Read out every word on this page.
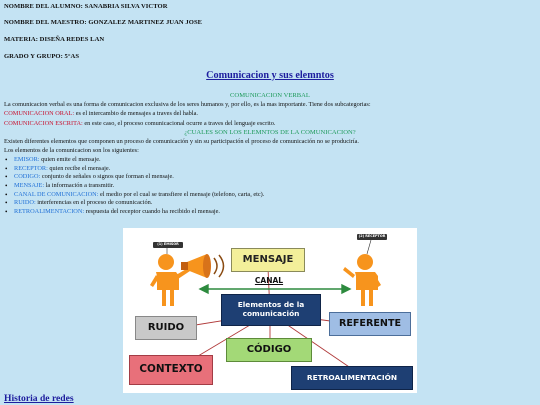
NOMBRE DEL ALUMNO: SANABRIA SILVA VICTOR
NOMBRE DEL MAESTRO: GONZALEZ MARTINEZ JUAN JOSE
MATERIA: DISEÑA REDES LAN
GRADO Y GRUPO: 5°AS
Comunicacion y sus elemntos
COMUNICACION VERBAL
La comunicacion verbal es una forma de comunicacion exclusiva de los seres humanos y, por ello, es la mas importante. Tiene dos subcategorias:
COMUNICACION ORAL: es el intercambio de mensajes a traves del habla.
COMUNICACION ESCRITA: en este caso, el proceso comunicacional ocurre a traves del lenguaje escrito.
¿CUALES SON LOS ELEMNTOS DE LA COMUNICACION?
Existen diferentes elementos que componen un proceso de comunicación y sin su participación el proceso de comunicación no se produciría.
Los elementos de la comunicacion son los siguientes:
• EMISOR: quien emite el mensaje.
• RECEPTOR: quien recibe el mensaje.
• CODIGO: conjunto de señales o signos que forman el mensaje.
• MENSAJE: la información a transmitir.
• CANAL DE COMUNICACION: el medio por el cual se transfiere el mensaje (telefono, carta, etc).
• RUIDO: interferencias en el proceso de comunicación.
• RETROALIMENTACION: respuesta del receptor cuando ha recibido el mensaje.
(1) EMISOR
(2) RECEPTOR
MENSAJE
CANAL
Elementos de la
comunicación
RUIDO	REFERENTE
CÓDIGO
CONTEXTO
RETROALIMENTACIÓN
Historia de redes
